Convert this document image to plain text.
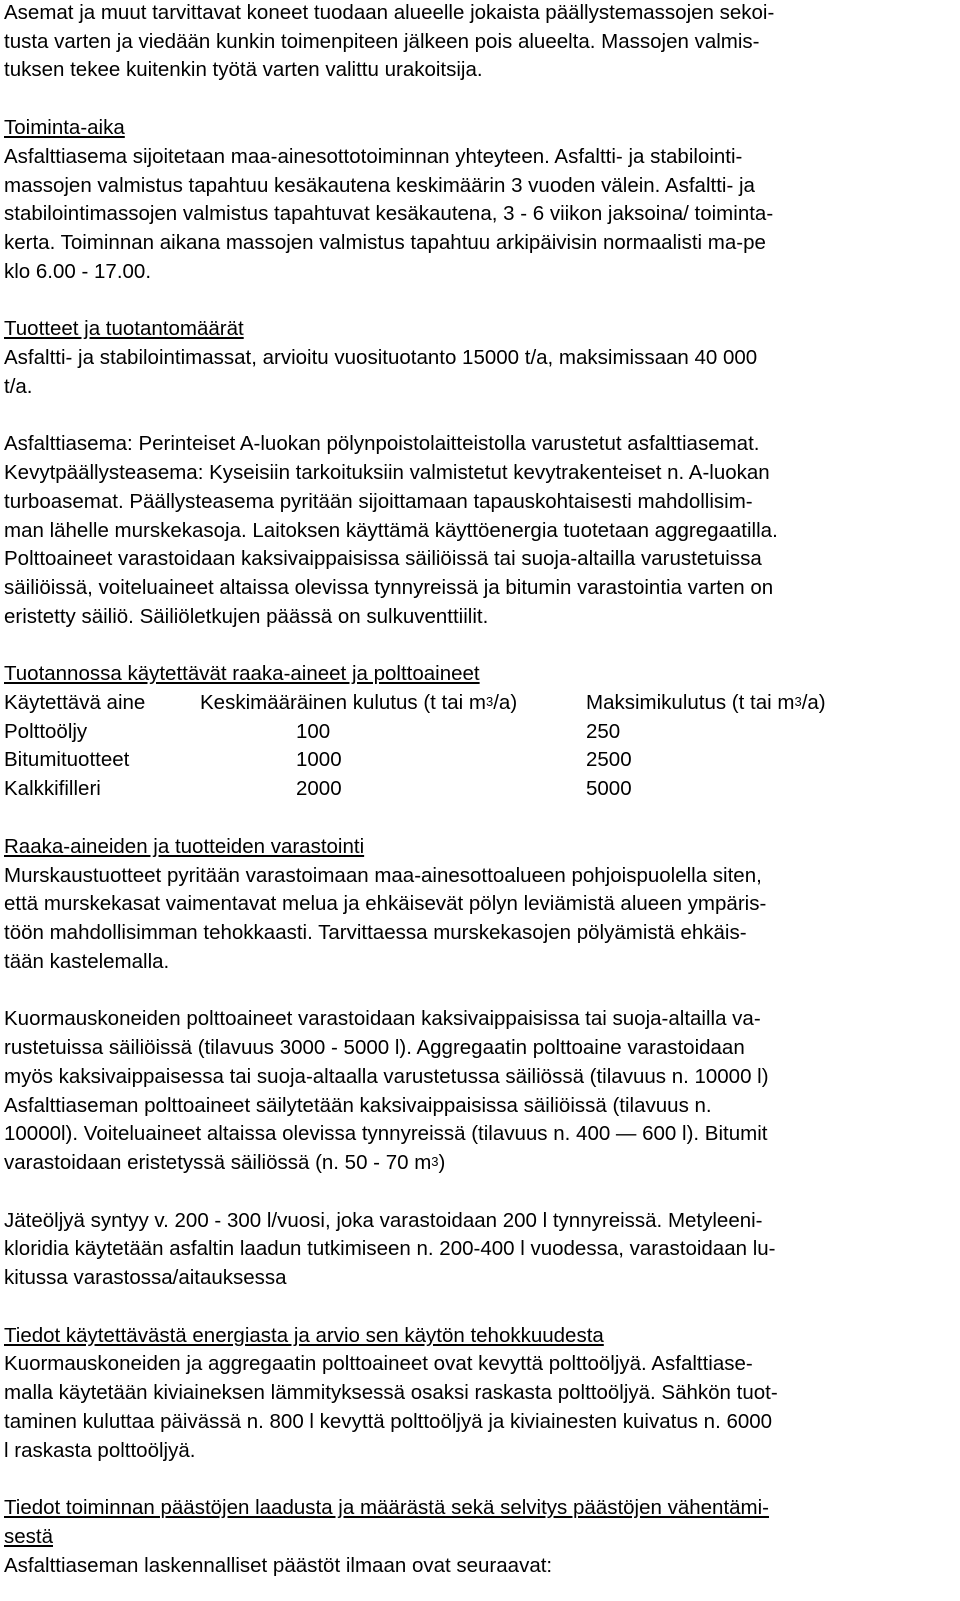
Asemat ja muut tarvittavat koneet tuodaan alueelle jokaista päällystemassojen sekoi-
tusta varten ja viedään kunkin toimenpiteen jälkeen pois alueelta. Massojen valmis-
tuksen tekee kuitenkin työtä varten valittu urakoitsija.
Toiminta-aika
Asfalttiasema sijoitetaan maa-ainesottotoiminnan yhteyteen. Asfaltti- ja stabilointi-
massojen valmistus tapahtuu kesäkautena keskimäärin 3 vuoden välein. Asfaltti- ja
stabilointimassojen valmistus tapahtuvat kesäkautena, 3 - 6 viikon jaksoina/ toiminta-
kerta. Toiminnan aikana massojen valmistus tapahtuu arkipäivisin normaalisti ma-pe
klo 6.00 - 17.00.
Tuotteet ja tuotantomäärät
Asfaltti- ja stabilointimassat, arvioitu vuosituotanto 15000 t/a, maksimissaan 40 000
t/a.
Asfalttiasema: Perinteiset A-luokan pölynpoistolaitteistolla varustetut asfalttiasemat.
Kevytpäällysteasema: Kyseisiin tarkoituksiin valmistetut kevytrakenteiset n. A-luokan
turboasemat. Päällysteasema pyritään sijoittamaan tapauskohtaisesti mahdollisim-
man lähelle murskekasoja. Laitoksen käyttämä käyttöenergia tuotetaan aggregaatilla.
Polttoaineet varastoidaan kaksivaippaisissa säiliöissä tai suoja-altailla varustetuissa
säiliöissä, voiteluaineet altaissa olevissa tynnyreissä ja bitumin varastointia varten on
eristetty säiliö. Säiliöletkujen päässä on sulkuventtiilit.
Tuotannossa käytettävät raaka-aineet ja polttoaineet
Käytettävä aine	Keskimääräinen kulutus (t tai $m^3/a$)	Maksimikulutus (t tai $m^3/a$)
Polttoöljy	100	250
Bitumituotteet	1000	2500
Kalkkifilleri	2000	5000
Raaka-aineiden ja tuotteiden varastointi
Murskaustuotteet pyritään varastoimaan maa-ainesottoalueen pohjoispuolella siten,
että murskekasat vaimentavat melua ja ehkäisevät pölyn leviämistä alueen ympäris-
töön mahdollisimman tehokkaasti. Tarvittaessa murskekasojen pölyämistä ehkäis-
tään kastelemalla.
Kuormauskoneiden polttoaineet varastoidaan kaksivaippaisissa tai suoja-altailla va-
rustetuissa säiliöissä (tilavuus 3000 - 5000 l). Aggregaatin polttoaine varastoidaan
myös kaksivaippaisessa tai suoja-altaalla varustetussa säiliössä (tilavuus n. 10000 l)
Asfalttiaseman polttoaineet säilytetään kaksivaippaisissa säiliöissä (tilavuus n.
10000l). Voiteluaineet altaissa olevissa tynnyreissä (tilavuus n. 400 — 600 l). Bitumit
varastoidaan eristetyssä säiliössä (n. 50 - 70 $m^3$)
Jäteöljyä syntyy v. 200 - 300 l/vuosi, joka varastoidaan 200 l tynnyreissä. Metyleeni-
kloridia käytetään asfaltin laadun tutkimiseen n. 200-400 l vuodessa, varastoidaan lu-
kitussa varastossa/aitauksessa
Tiedot käytettävästä energiasta ja arvio sen käytön tehokkuudesta
Kuormauskoneiden ja aggregaatin polttoaineet ovat kevyttä polttoöljyä. Asfalttiase-
malla käytetään kiviaineksen lämmityksessä osaksi raskasta polttoöljyä. Sähkön tuot-
taminen kuluttaa päivässä n. 800 l kevyttä polttoöljyä ja kiviainesten kuivatus n. 6000
l raskasta polttoöljyä.
Tiedot toiminnan päästöjen laadusta ja määrästä sekä selvitys päästöjen vähentämi-
sestä
Asfalttiaseman laskennalliset päästöt ilmaan ovat seuraavat:
